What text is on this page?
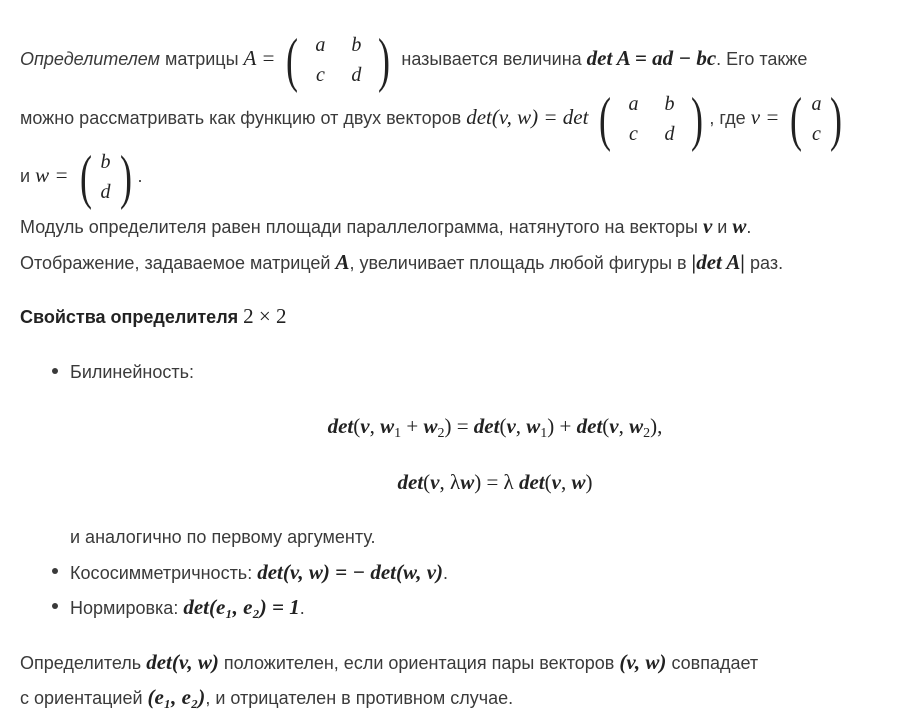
Определителем матрицы A = ( a b
c d ) называется величина det A = ad − bc. Его также
можно рассматривать как функцию от двух векторов det(v, w) = det ( a b
c d ) , где v = ( a
c )
и w = ( b
d ) .
Модуль определителя равен площади параллелограмма, натянутого на векторы v и w.
Отображение, задаваемое матрицей A, увеличивает площадь любой фигуры в |det A| раз.
Свойства определителя 2 × 2
Билинейность:
det(v, $w_1 + w_2) = \det(v$, $w_1) + \det(v$, $w_2$),
det(v, λw) = λ det(v, w)
и аналогично по первому аргументу.
Кососимметричность: det(v, w) = − det(w, v).
Нормировка: det(e₁, e₂) = 1.
Определитель det(v, w) положителен, если ориентация пары векторов (v, w) совпадает
с ориентацией (e₁, e₂), и отрицателен в противном случае.
